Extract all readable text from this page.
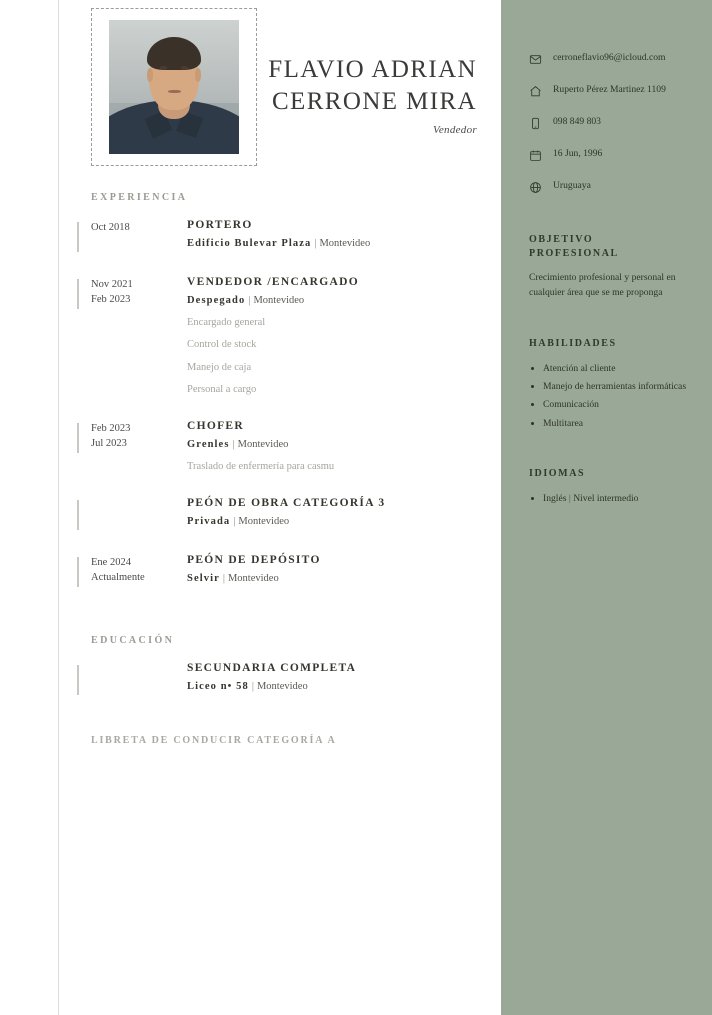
FLAVIO ADRIAN
CERRONE MIRA
Vendedor
EXPERIENCIA
Oct 2018	PORTERO
Edificio Bulevar Plaza | Montevideo
Nov 2021
Feb 2023
VENDEDOR /ENCARGADO
Despegado | Montevideo
Encargado general
Control de stock
Manejo de caja
Personal a cargo
Feb 2023
Jul 2023
CHOFER
Grenles | Montevideo
Traslado de enfermería para casmu
PEÓN DE OBRA CATEGORÍA 3
Privada | Montevideo
Ene 2024
Actualmente
PEÓN DE DEPÓSITO
Selvir | Montevideo
EDUCACIÓN
SECUNDARIA COMPLETA
Liceo n• 58 | Montevideo
LIBRETA DE CONDUCIR CATEGORÍA A
cerroneflavio96@icloud.com
Ruperto Pérez Martinez 1109
098 849 803
16 Jun, 1996
Uruguaya
OBJETIVO
PROFESIONAL
Crecimiento profesional y personal en cualquier área que se me proponga
HABILIDADES
• Atención al cliente
• Manejo de herramientas informáticas
• Comunicación
• Multitarea
IDIOMAS
• Inglés | Nivel intermedio
